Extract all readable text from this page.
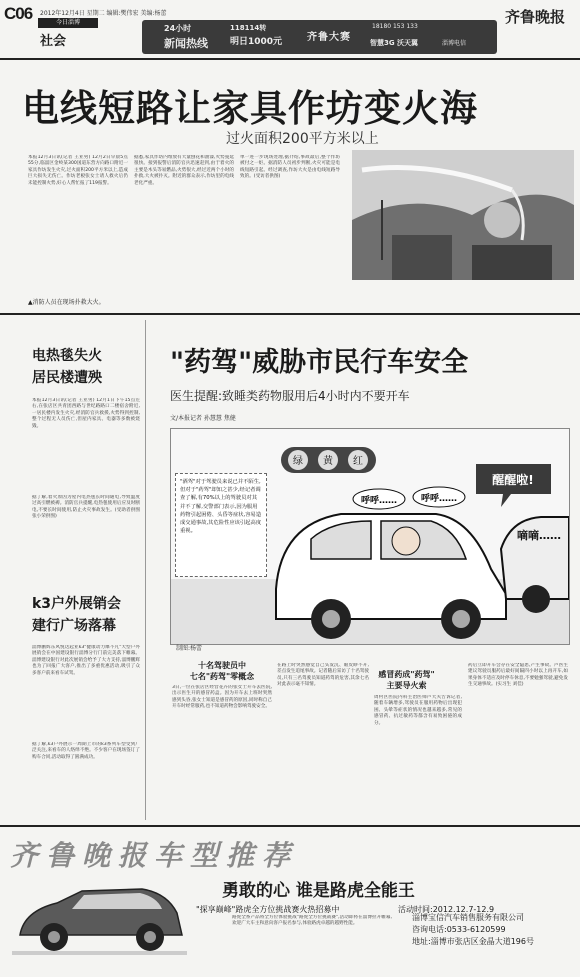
C06 2012年12月4日 星期二 编辑:樊伟宏 美编:杨蕾
今日淄博
社会
24小时
新闻热线
118114转
明日1000元 齐鲁大赛
18180 153 133
智慧3G 沃天翼	淄博电信
齐鲁晚报
电线短路让家具作坊变火海
过火面积200平方米以上
本报12月3日讯(记者 王亚男) 12月2日早晨5点55分,临淄区金岭某300国道东营方向路口附近一家具作坊发生火灾,过火面积200平方米以上,造成巨大损失无伤亡。作坊老板张女士请人救火后仍未能控制火势,好心人帮忙报了119报警。
据悉,家具作坊内堆放有大量刨花和油漆,火势蔓延很快。接到报警后消防官兵迅速赶到,由于着火的主要是木头等易燃品,火势很大,经过近两个小时的扑救,大火被扑灭。附近的群众表示,作坊里的电线老化严重。
单一进一步现场处理,据介绍,事故最后,整个作坊被付之一炬。据消防人员初步判断,火灾可能是电线短路引起。经过调查,作坊大火是由电线短路导致的。(受访者供图)
▲消防人员在现场扑救大火。
电热毯失火
居民楼遭殃
本报12月3日讯(记者 王亚男) 12月1日下午15点左右,在张店区共青团西路与世纪路路口二楼宿舍附近,一居民楼内发生火灾,经消防官兵救援,火势得到控制,整个过程无人员伤亡,但屋内家具、电器等多数被烧毁。
据了解,着火原因为屋内电热毯长时间通电,导致温度过高引燃被褥。消防官兵提醒,电热毯使用后应及时断电,不要长时间使用,防止火灾事故发生。(受助者供图 张小荣供图)
k3户外展销会
建行广场落幕
淄博鹏辉东风悦达起亚k3"健康动力爆不凡"大型户外展销会在中国建设银行淄博分行门前完美落下帷幕。淄博建设银行对此次展销会给予了大力支持,淄博鹏辉也为了回报广大客户,推出了多重优惠活动,吸引了众多客户前来看车试驾。
据了解,k3户外展示一周期上市的k3系列车型受到广泛关注,来看车的人络绎不绝。不少客户在现场签订了购车合同,活动取得了圆满成功。
"药驾"威胁市民行车安全
医生提醒:致睡类药物服用后4小时内不要开车
文/本报记者 孙慧慧 焦健
绿 黄 红
呼呼……	呼呼……
醒醒啦!
嘀嘀……
"酒驾"对于驾驶员来说已并不陌生,但对于"药驾"却知之甚少,经记者调查了解,有70%以上的驾驶员对其并不了解,交警部门表示,因为服用药物引起困倦、头昏等症状,容易造成交通事故,其危险性应该引起高度重视。
制图:杨蕾
十名驾驶员中
七名"药驾"零概念
3日,一位在张店区经营花卉的张女士开车去医院,出示医生开的感冒药盒。因为开车去上班时突然感到头昏,张女士知道是感冒药的原因,同时称自己开车时经常服药,也不知道药物会影响驾驶安全。
在路上时突然感觉自己头发沉、眼皮睁不开,差点发生追尾事故。记者随后采访了十名驾驶员,只有三名驾驶员知道药驾的危害,其余七名对此表示毫不知情。
感冒药成"药驾"
主要导火索
周村区医院内科主治医师卢大夫告诉记者,随着车辆增多,驾驶员在服用药物后出现犯困、头晕等症状的情况也越来越多,常见的感冒药、抗过敏药等都含有易致困倦的成分。
药后立即开车会存在安全隐患,产生事故。卢医生建议驾驶员服药后最好间隔四小时以上再开车,如果身体不适应及时停车休息,不要勉强驾驶,避免发生交通事故。(实习生 刘佳)
齐鲁晚报车型推荐
勇敢的心 谁是路虎全能王
"探享巅峰"路虎全方位挑战赛火热招募中	活动时间:2012.12.7-12.9
路虎全系产品将全方位体验挑战"路虎全方位挑战赛",活动即将在淄博拉开帷幕,欢迎广大车主和意向客户报名参与,体验路虎卓越的越野性能。
淄博宝信汽车销售服务有限公司
咨询电话:0533-6120599
地址:淄博市张店区金晶大道196号
